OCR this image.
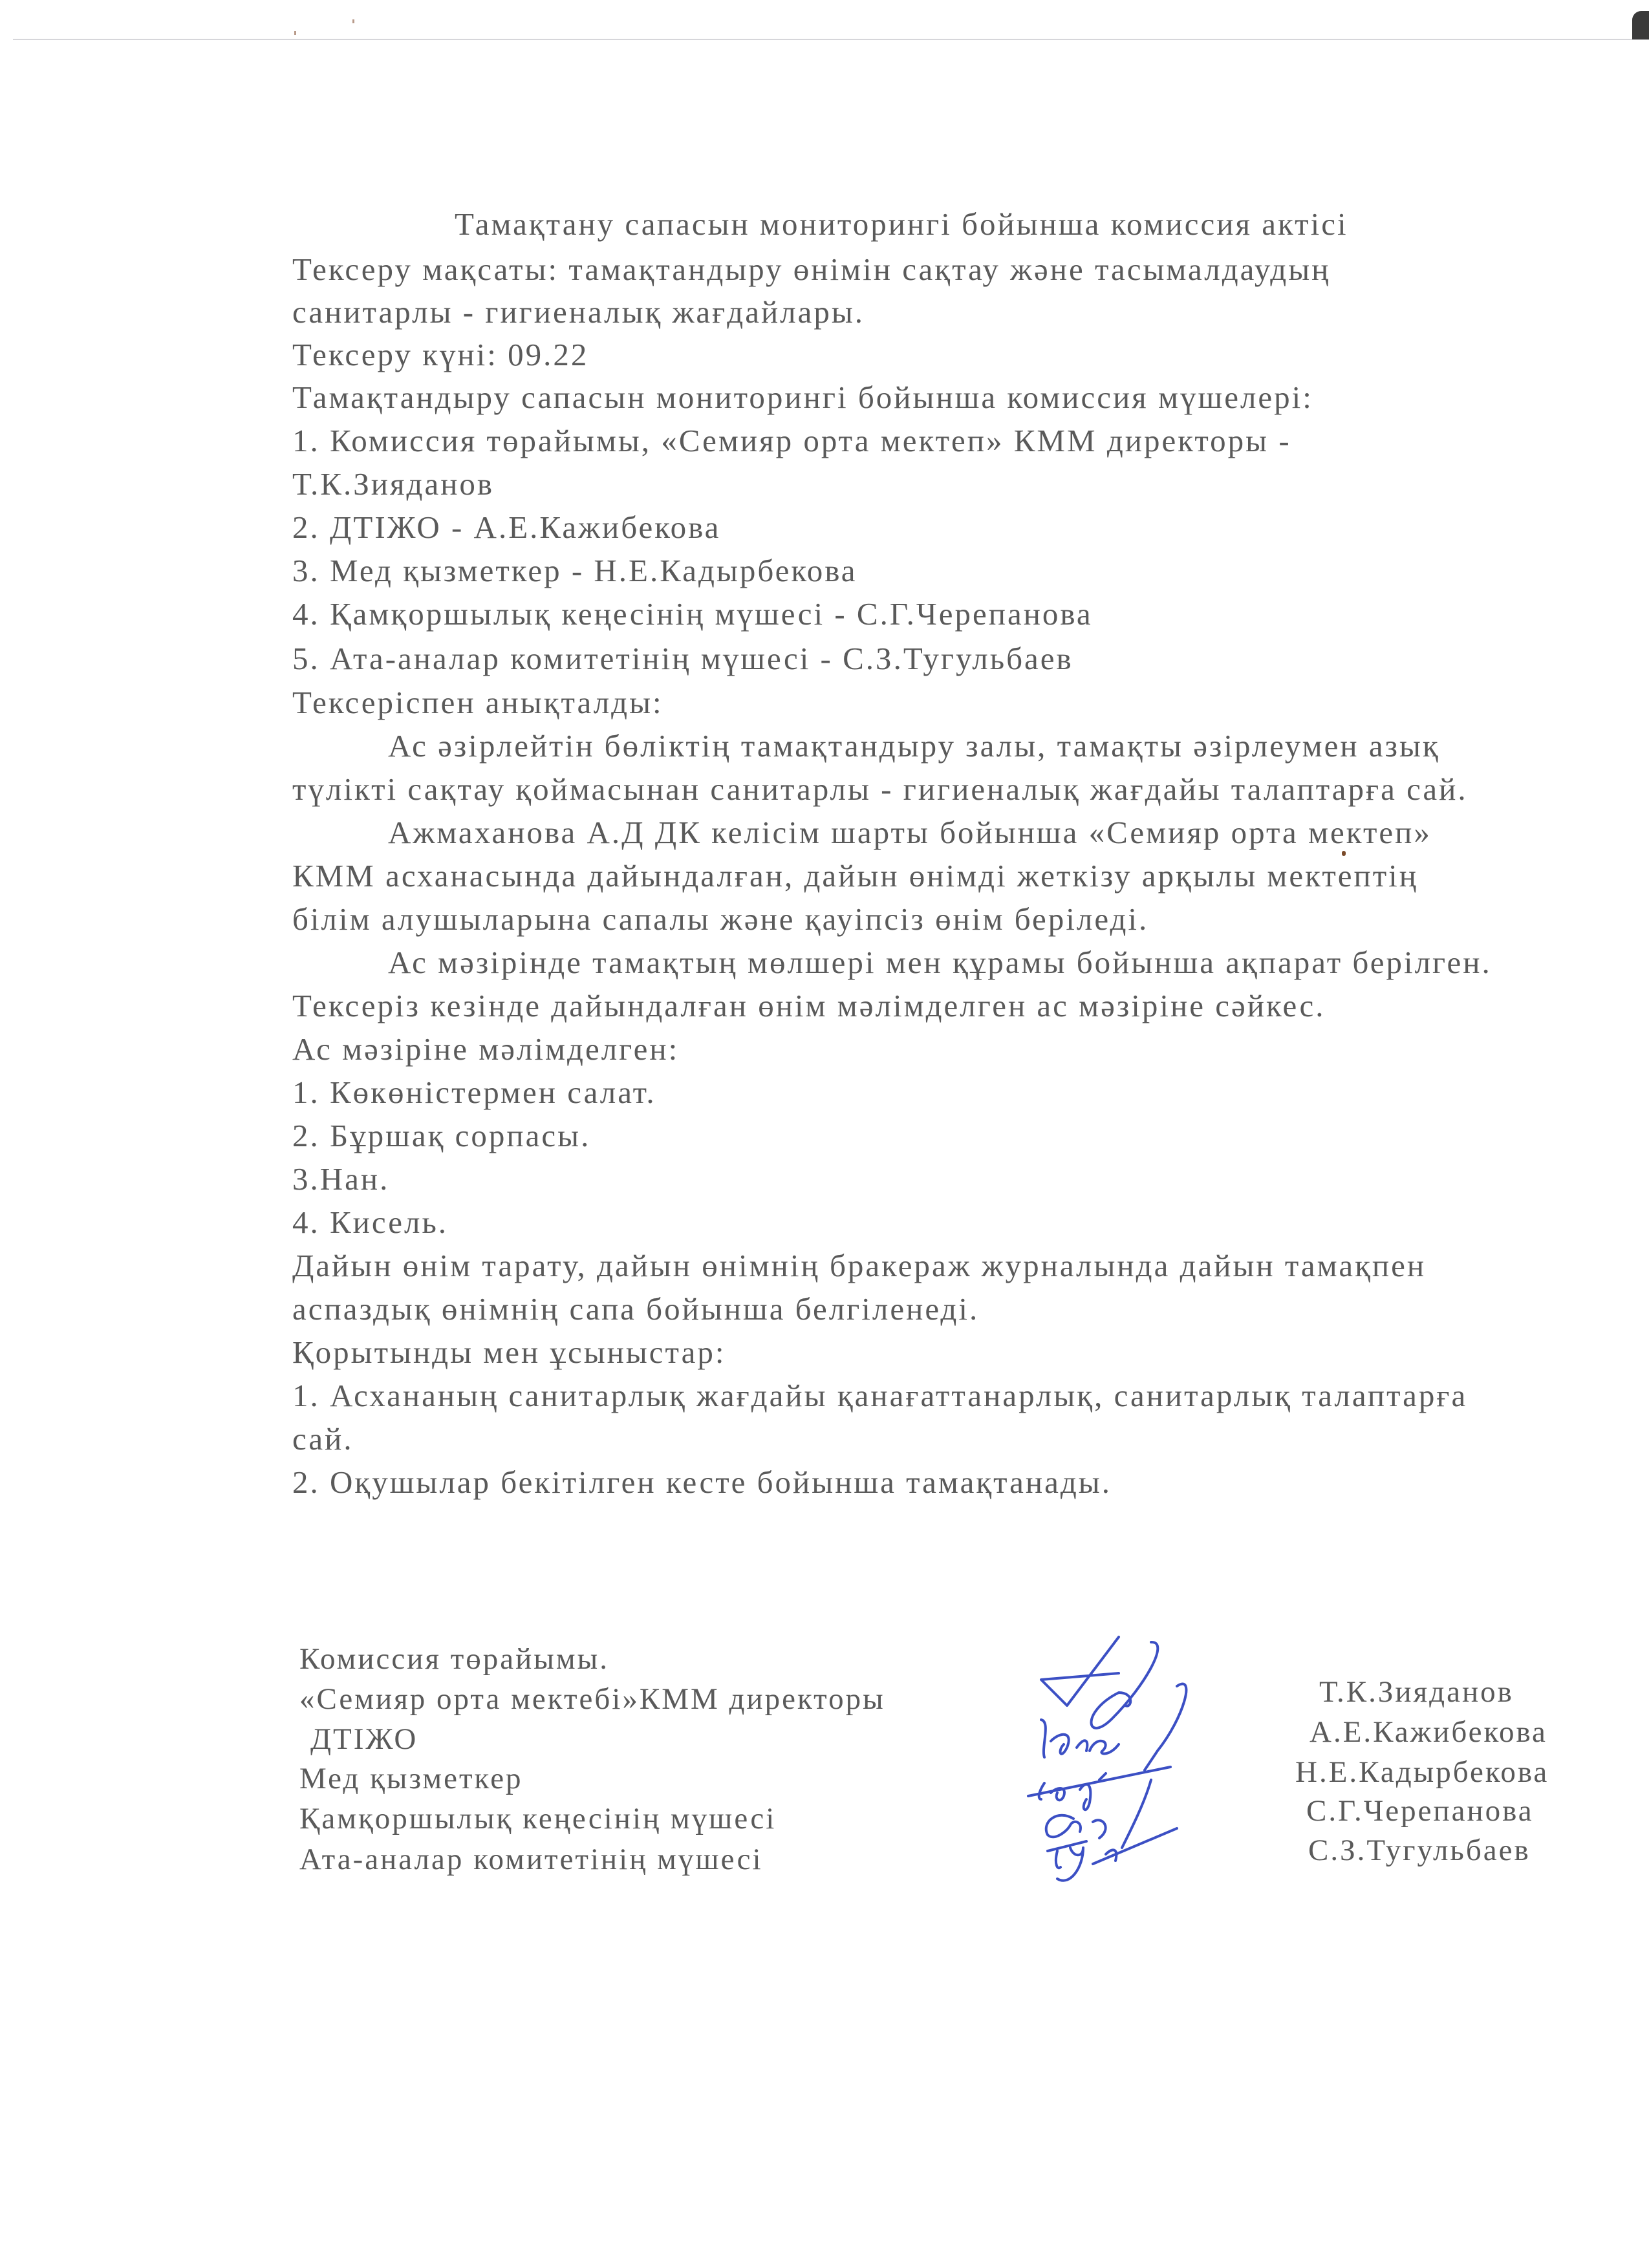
Тамақтану сапасын мониторингі бойынша комиссия актісі
Тексеру мақсаты: тамақтандыру өнімін сақтау және тасымалдаудың
санитарлы - гигиеналық жағдайлары.
Тексеру күні: 09.22
Тамақтандыру сапасын мониторингі бойынша комиссия мүшелері:
1. Комиссия төрайымы, «Семияр орта мектеп» КММ директоры -
Т.К.Зияданов
2. ДТІЖО - А.Е.Кажибекова
3. Мед қызметкер - Н.Е.Кадырбекова
4. Қамқоршылық кеңесінің мүшесі - С.Г.Черепанова
5. Ата-аналар комитетінің мүшесі - С.З.Тугульбаев
Тексеріспен анықталды:
Ас әзірлейтін бөліктің тамақтандыру залы, тамақты әзірлеумен азық
түлікті сақтау қоймасынан санитарлы - гигиеналық жағдайы талаптарға сай.
Ажмаханова А.Д ДК келісім шарты бойынша «Семияр орта мектеп»
КММ асханасында дайындалған, дайын өнімді жеткізу арқылы мектептің
білім алушыларына сапалы және қауіпсіз өнім беріледі.
Ас мәзірінде тамақтың мөлшері мен құрамы бойынша ақпарат берілген.
Тексеріз кезінде дайындалған өнім мәлімделген ас мәзіріне сәйкес.
Ас мәзіріне мәлімделген:
1. Көкөністермен салат.
2. Бұршақ сорпасы.
3.Нан.
4. Кисель.
Дайын өнім тарату, дайын өнімнің бракераж журналында дайын тамақпен
аспаздық өнімнің сапа бойынша белгіленеді.
Қорытынды мен ұсыныстар:
1. Асхананың санитарлық жағдайы қанағаттанарлық, санитарлық талаптарға
сай.
2. Оқушылар бекітілген кесте бойынша тамақтанады.
Комиссия төрайымы.
«Семияр орта мектебі»КММ директоры
ДТІЖО
Мед қызметкер
Қамқоршылық кеңесінің мүшесі
Ата-аналар комитетінің мүшесі
Т.К.Зияданов
А.Е.Кажибекова
Н.Е.Кадырбекова
С.Г.Черепанова
С.З.Тугульбаев
